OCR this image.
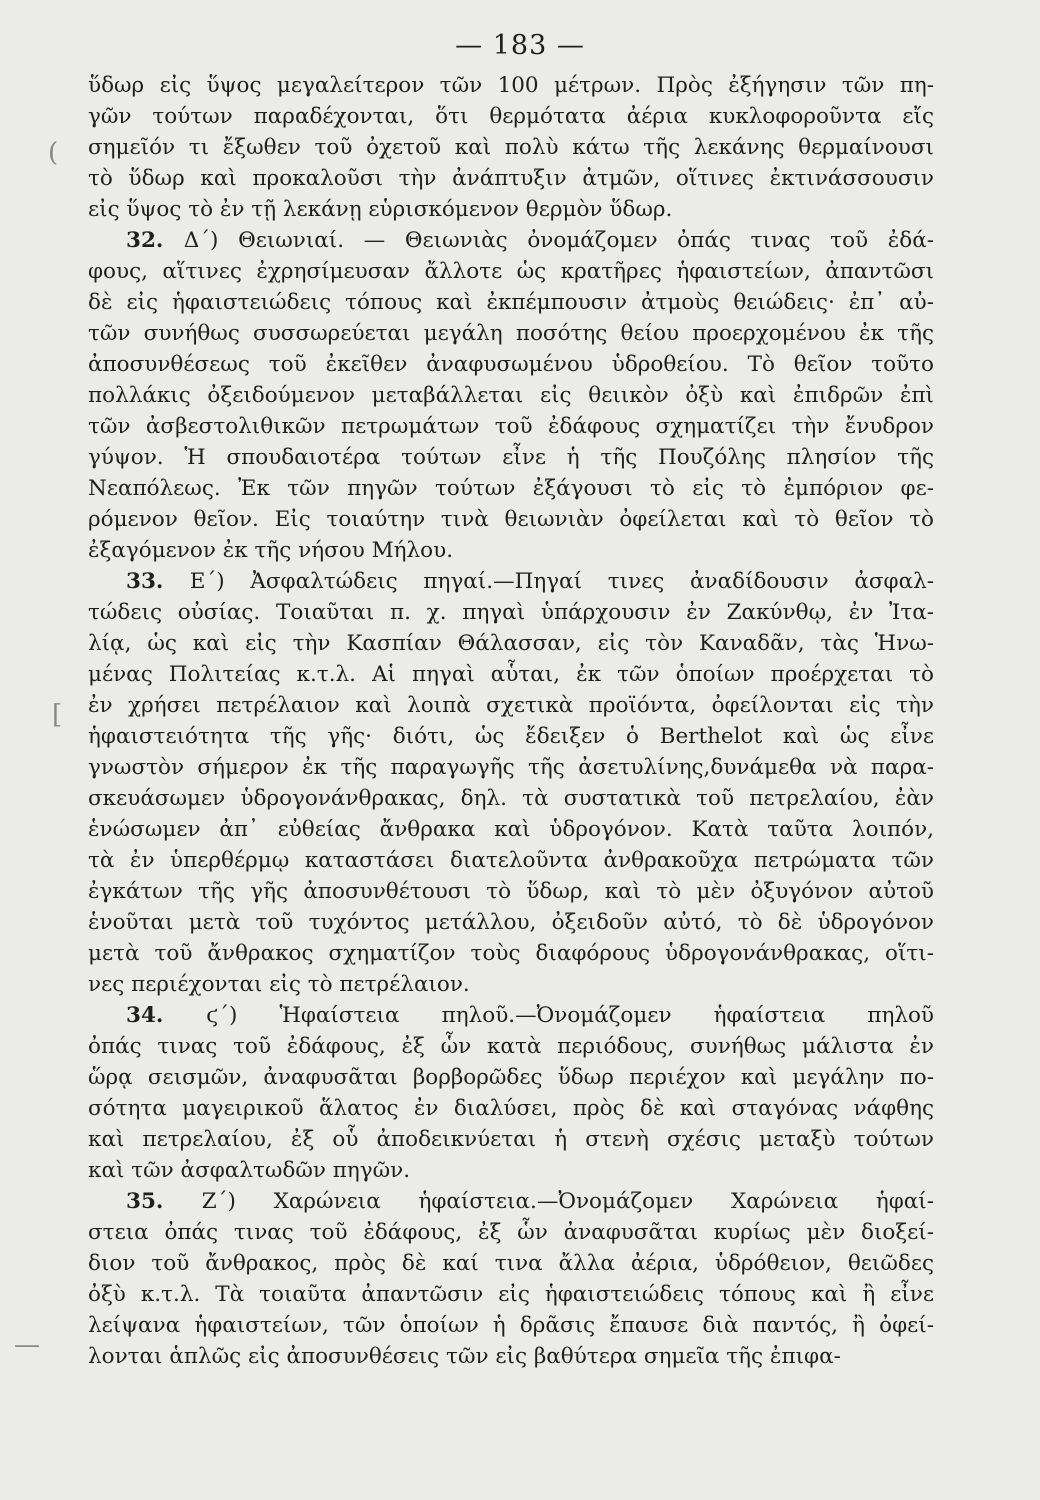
— 183 —
(
[
—
ὕδωρ εἰς ὕψος μεγαλείτερον τῶν 100 μέτρων. Πρὸς ἐξήγησιν τῶν πη-
γῶν τούτων παραδέχονται, ὅτι θερμότατα ἀέρια κυκλοφοροῦντα εἴς
σημεῖόν τι ἔξωθεν τοῦ ὀχετοῦ καὶ πολὺ κάτω τῆς λεκάνης θερμαίνουσι
τὸ ὕδωρ καὶ προκαλοῦσι τὴν ἀνάπτυξιν ἀτμῶν, οἵτινες ἐκτινάσσουσιν
εἰς ὕψος τὸ ἐν τῇ λεκάνῃ εὑρισκόμενον θερμὸν ὕδωρ.
32. Δ΄) Θειωνιαί. — Θειωνιὰς ὀνομάζομεν ὀπάς τινας τοῦ ἐδά-
φους, αἵτινες ἐχρησίμευσαν ἄλλοτε ὡς κρατῆρες ἡφαιστείων, ἀπαντῶσι
δὲ εἰς ἡφαιστειώδεις τόπους καὶ ἐκπέμπουσιν ἀτμοὺς θειώδεις· ἐπ᾽ αὐ-
τῶν συνήθως συσσωρεύεται μεγάλη ποσότης θείου προερχομένου ἐκ τῆς
ἀποσυνθέσεως τοῦ ἐκεῖθεν ἀναφυσωμένου ὑδροθείου. Τὸ θεῖον τοῦτο
πολλάκις ὀξειδούμενον μεταβάλλεται εἰς θειικὸν ὀξὺ καὶ ἐπιδρῶν ἐπὶ
τῶν ἀσβεστολιθικῶν πετρωμάτων τοῦ ἐδάφους σχηματίζει τὴν ἔνυδρον
γύψον. Ἡ σπουδαιοτέρα τούτων εἶνε ἡ τῆς Πουζόλης πλησίον τῆς
Νεαπόλεως. Ἐκ τῶν πηγῶν τούτων ἐξάγουσι τὸ εἰς τὸ ἐμπόριον φε-
ρόμενον θεῖον. Εἰς τοιαύτην τινὰ θειωνιὰν ὀφείλεται καὶ τὸ θεῖον τὸ
ἐξαγόμενον ἐκ τῆς νήσου Μήλου.
33. Ε΄) Ἀσφαλτώδεις πηγαί.—Πηγαί τινες ἀναδίδουσιν ἀσφαλ-
τώδεις οὐσίας. Τοιαῦται π. χ. πηγαὶ ὑπάρχουσιν ἐν Ζακύνθῳ, ἐν Ἰτα-
λίᾳ, ὡς καὶ εἰς τὴν Κασπίαν Θάλασσαν, εἰς τὸν Καναδᾶν, τὰς Ἡνω-
μένας Πολιτείας κ.τ.λ. Αἱ πηγαὶ αὗται, ἐκ τῶν ὁποίων προέρχεται τὸ
ἐν χρήσει πετρέλαιον καὶ λοιπὰ σχετικὰ προϊόντα, ὀφείλονται εἰς τὴν
ἡφαιστειότητα τῆς γῆς· διότι, ὡς ἔδειξεν ὁ Berthelot καὶ ὡς εἶνε
γνωστὸν σήμερον ἐκ τῆς παραγωγῆς τῆς ἀσετυλίνης,δυνάμεθα νὰ παρα-
σκευάσωμεν ὑδρογονάνθρακας, δηλ. τὰ συστατικὰ τοῦ πετρελαίου, ἐὰν
ἑνώσωμεν ἀπ᾽ εὐθείας ἄνθρακα καὶ ὑδρογόνον. Κατὰ ταῦτα λοιπόν,
τὰ ἐν ὑπερθέρμῳ καταστάσει διατελοῦντα ἀνθρακοῦχα πετρώματα τῶν
ἐγκάτων τῆς γῆς ἀποσυνθέτουσι τὸ ὕδωρ, καὶ τὸ μὲν ὀξυγόνον αὐτοῦ
ἑνοῦται μετὰ τοῦ τυχόντος μετάλλου, ὀξειδοῦν αὐτό, τὸ δὲ ὑδρογόνον
μετὰ τοῦ ἄνθρακος σχηματίζον τοὺς διαφόρους ὑδρογονάνθρακας, οἵτι-
νες περιέχονται εἰς τὸ πετρέλαιον.
34. ϛ΄) Ἡφαίστεια πηλοῦ.—Ὀνομάζομεν ἡφαίστεια πηλοῦ
ὀπάς τινας τοῦ ἐδάφους, ἐξ ὧν κατὰ περιόδους, συνήθως μάλιστα ἐν
ὥρᾳ σεισμῶν, ἀναφυσᾶται βορβορῶδες ὕδωρ περιέχον καὶ μεγάλην πο-
σότητα μαγειρικοῦ ἅλατος ἐν διαλύσει, πρὸς δὲ καὶ σταγόνας νάφθης
καὶ πετρελαίου, ἐξ οὗ ἀποδεικνύεται ἡ στενὴ σχέσις μεταξὺ τούτων
καὶ τῶν ἀσφαλτωδῶν πηγῶν.
35. Ζ΄) Χαρώνεια ἡφαίστεια.—Ὀνομάζομεν Χαρώνεια ἡφαί-
στεια ὀπάς τινας τοῦ ἐδάφους, ἐξ ὧν ἀναφυσᾶται κυρίως μὲν διοξεί-
διον τοῦ ἄνθρακος, πρὸς δὲ καί τινα ἄλλα ἀέρια, ὑδρόθειον, θειῶδες
ὀξὺ κ.τ.λ. Τὰ τοιαῦτα ἀπαντῶσιν εἰς ἡφαιστειώδεις τόπους καὶ ἢ εἶνε
λείψανα ἡφαιστείων, τῶν ὁποίων ἡ δρᾶσις ἔπαυσε διὰ παντός, ἢ ὀφεί-
λονται ἁπλῶς εἰς ἀποσυνθέσεις τῶν εἰς βαθύτερα σημεῖα τῆς ἐπιφα-
